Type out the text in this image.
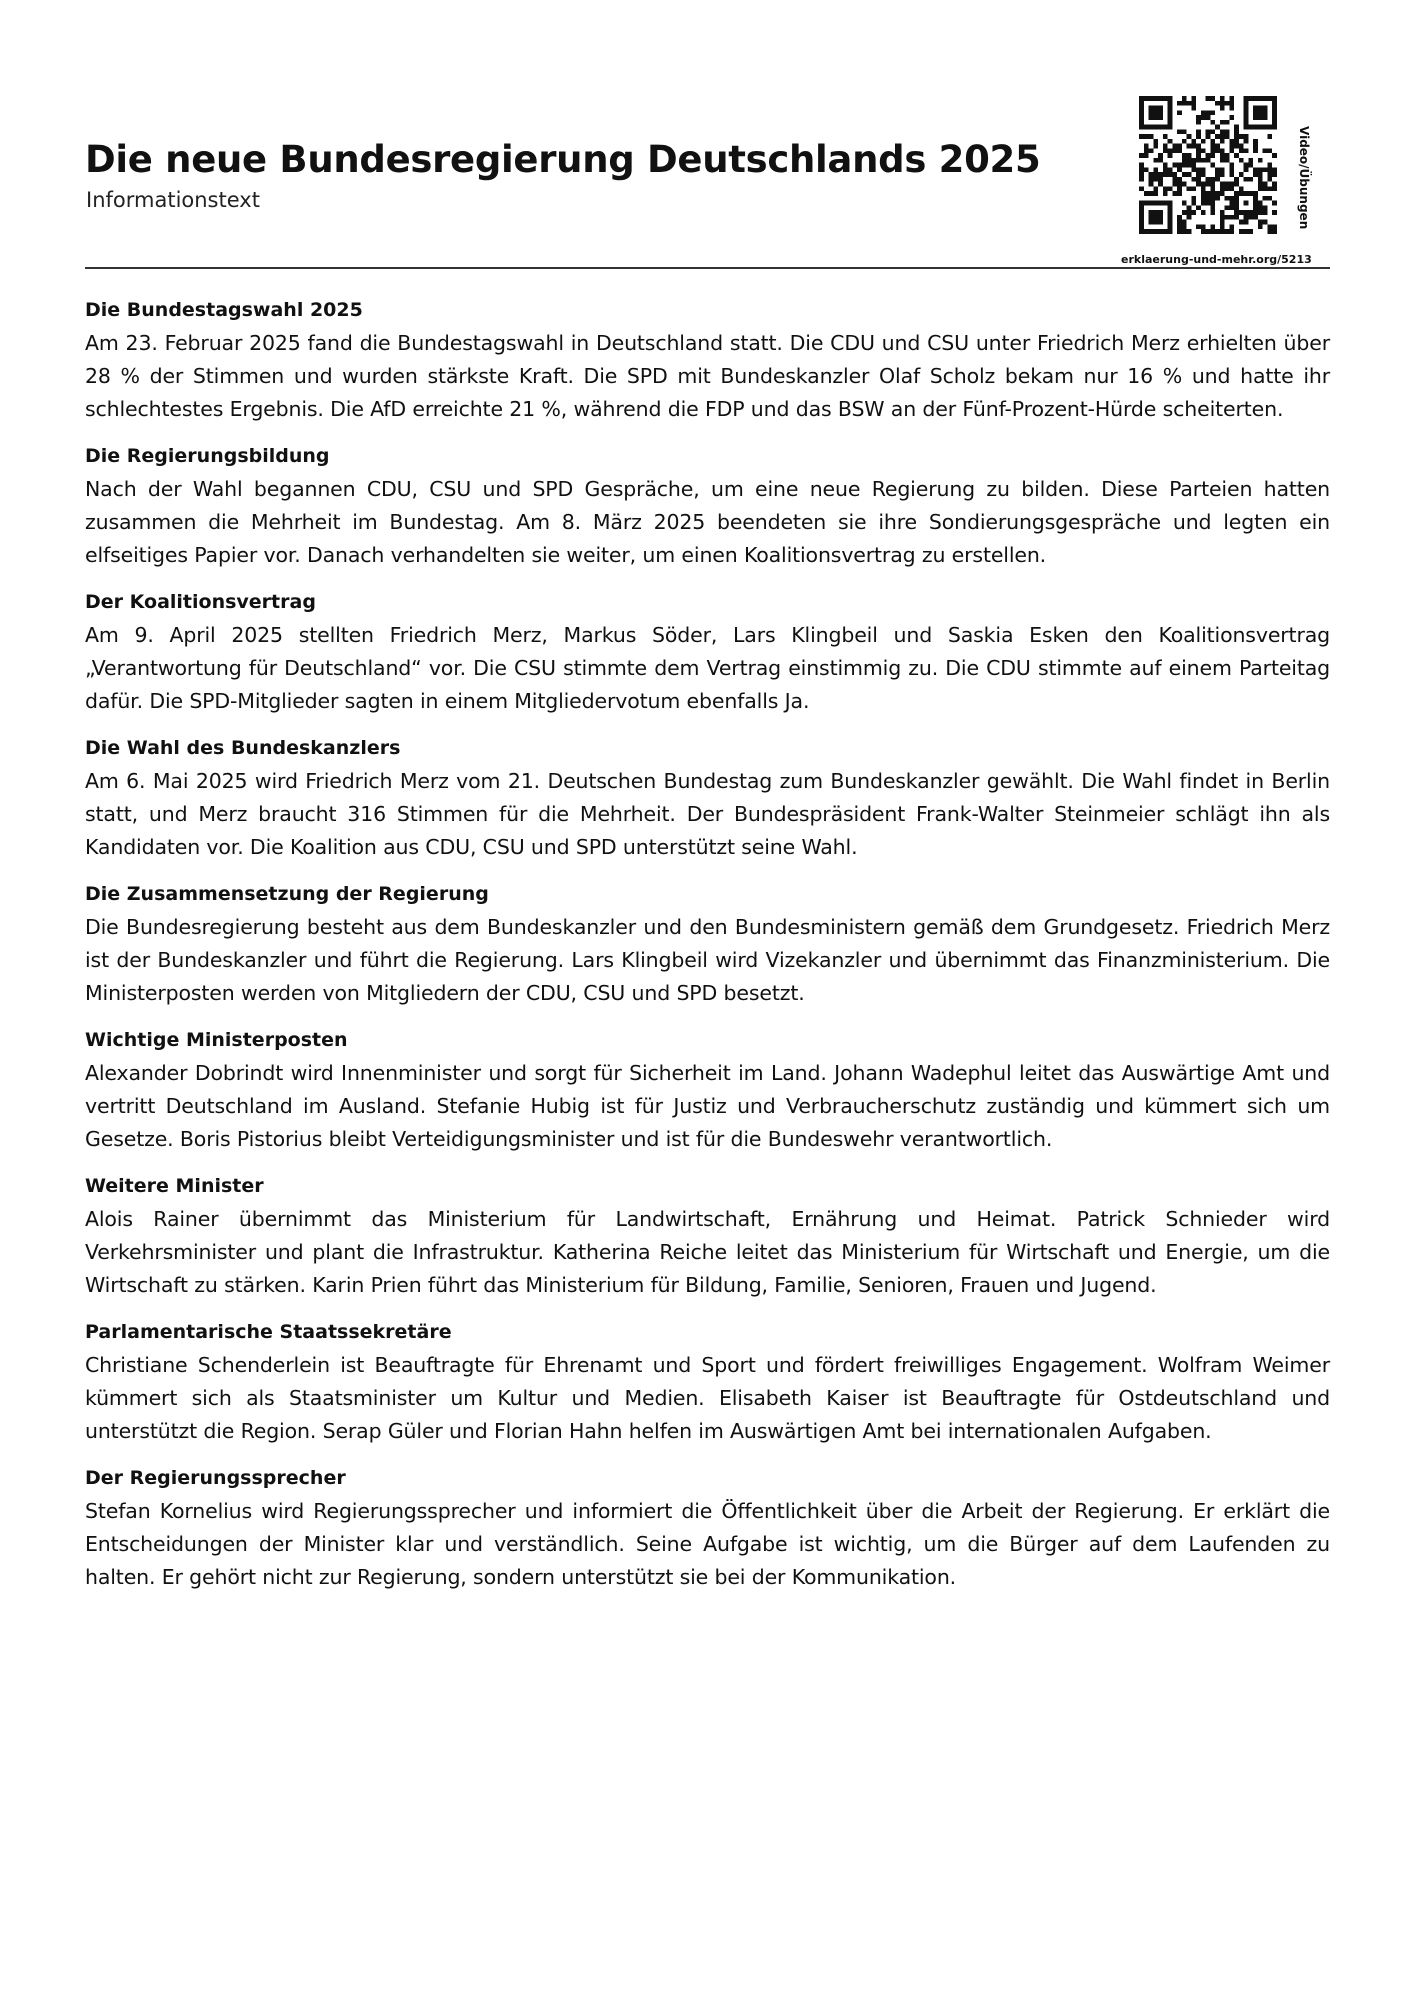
Die neue Bundesregierung Deutschlands 2025
Informationstext	Video/Übungen
erklaerung-und-mehr.org/5213
Die Bundestagswahl 2025

Am 23. Februar 2025 fand die Bundestagswahl in Deutschland statt. Die CDU und CSU unter Friedrich Merz erhielten über 28 % der Stimmen und wurden stärkste Kraft. Die SPD mit Bundeskanzler Olaf Scholz bekam nur 16 % und hatte ihr schlechtestes Ergebnis. Die AfD erreichte 21 %, während die FDP und das BSW an der Fünf-Prozent-Hürde scheiterten.

Die Regierungsbildung

Nach der Wahl begannen CDU, CSU und SPD Gespräche, um eine neue Regierung zu bilden. Diese Parteien hatten zusammen die Mehrheit im Bundestag. Am 8. März 2025 beendeten sie ihre Sondierungsgespräche und legten ein elfseitiges Papier vor. Danach verhandelten sie weiter, um einen Koalitionsvertrag zu erstellen.

Der Koalitionsvertrag

Am 9. April 2025 stellten Friedrich Merz, Markus Söder, Lars Klingbeil und Saskia Esken den Koalitionsvertrag „Verantwortung für Deutschland“ vor. Die CSU stimmte dem Vertrag einstimmig zu. Die CDU stimmte auf einem Parteitag dafür. Die SPD-Mitglieder sagten in einem Mitgliedervotum ebenfalls Ja.

Die Wahl des Bundeskanzlers

Am 6. Mai 2025 wird Friedrich Merz vom 21. Deutschen Bundestag zum Bundeskanzler gewählt. Die Wahl findet in Berlin statt, und Merz braucht 316 Stimmen für die Mehrheit. Der Bundespräsident Frank-Walter Steinmeier schlägt ihn als Kandidaten vor. Die Koalition aus CDU, CSU und SPD unterstützt seine Wahl.

Die Zusammensetzung der Regierung

Die Bundesregierung besteht aus dem Bundeskanzler und den Bundesministern gemäß dem Grundgesetz. Friedrich Merz ist der Bundeskanzler und führt die Regierung. Lars Klingbeil wird Vizekanzler und übernimmt das Finanzministerium. Die Ministerposten werden von Mitgliedern der CDU, CSU und SPD besetzt.

Wichtige Ministerposten

Alexander Dobrindt wird Innenminister und sorgt für Sicherheit im Land. Johann Wadephul leitet das Auswärtige Amt und vertritt Deutschland im Ausland. Stefanie Hubig ist für Justiz und Verbraucherschutz zuständig und kümmert sich um Gesetze. Boris Pistorius bleibt Verteidigungsminister und ist für die Bundeswehr verantwortlich.

Weitere Minister

Alois Rainer übernimmt das Ministerium für Landwirtschaft, Ernährung und Heimat. Patrick Schnieder wird Verkehrsminister und plant die Infrastruktur. Katherina Reiche leitet das Ministerium für Wirtschaft und Energie, um die Wirtschaft zu stärken. Karin Prien führt das Ministerium für Bildung, Familie, Senioren, Frauen und Jugend.

Parlamentarische Staatssekretäre

Christiane Schenderlein ist Beauftragte für Ehrenamt und Sport und fördert freiwilliges Engagement. Wolfram Weimer kümmert sich als Staatsminister um Kultur und Medien. Elisabeth Kaiser ist Beauftragte für Ostdeutschland und unterstützt die Region. Serap Güler und Florian Hahn helfen im Auswärtigen Amt bei internationalen Aufgaben.

Der Regierungssprecher

Stefan Kornelius wird Regierungssprecher und informiert die Öffentlichkeit über die Arbeit der Regierung. Er erklärt die Entscheidungen der Minister klar und verständlich. Seine Aufgabe ist wichtig, um die Bürger auf dem Laufenden zu halten. Er gehört nicht zur Regierung, sondern unterstützt sie bei der Kommunikation.
